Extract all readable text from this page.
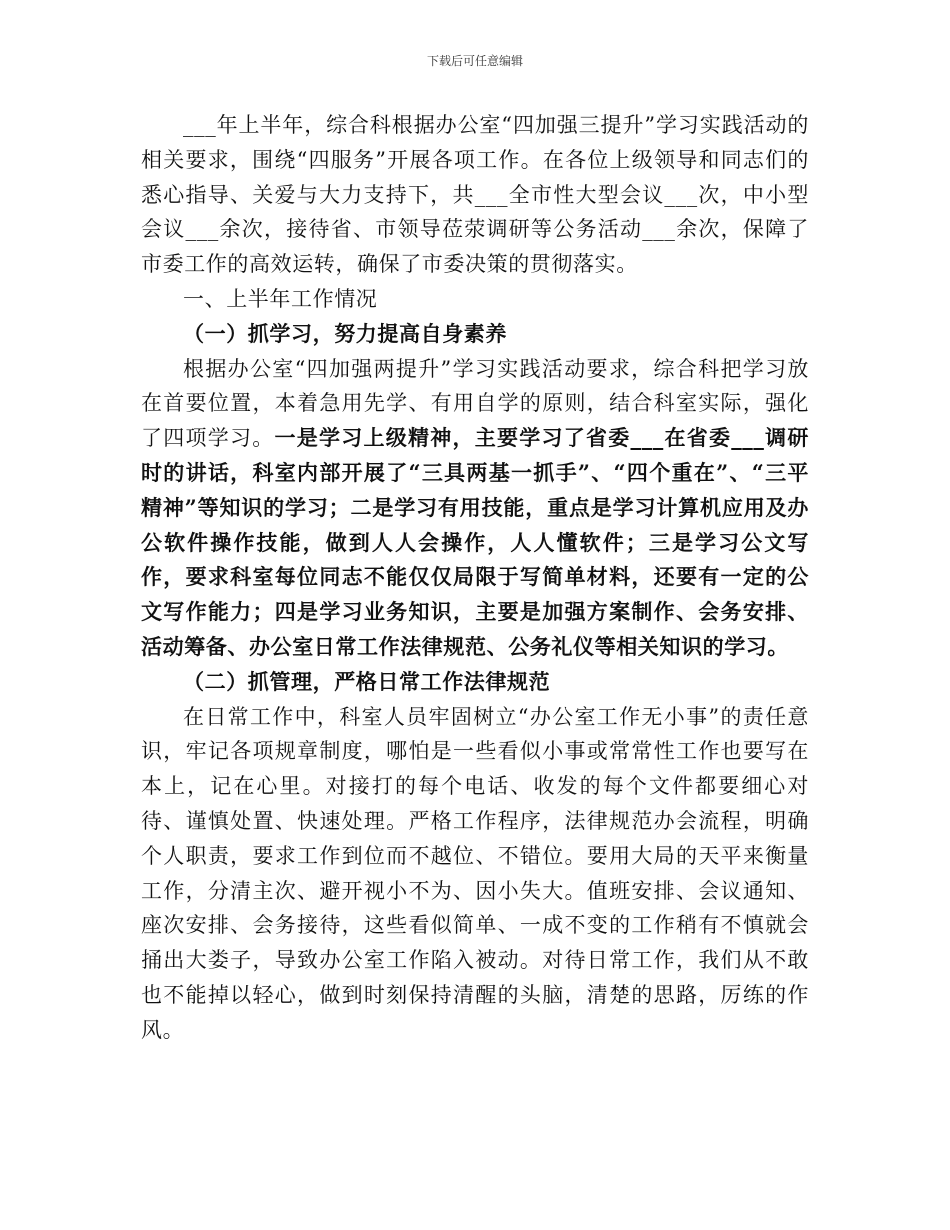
下载后可任意编辑

___年上半年，综合科根据办公室“四加强三提升”学习实践活动的相关要求，围绕“四服务”开展各项工作。在各位上级领导和同志们的悉心指导、关爱与大力支持下，共___全市性大型会议___次，中小型会议___余次，接待省、市领导莅荥调研等公务活动___余次，保障了市委工作的高效运转，确保了市委决策的贯彻落实。

一、上半年工作情况

（一）抓学习，努力提高自身素养

根据办公室“四加强两提升”学习实践活动要求，综合科把学习放在首要位置，本着急用先学、有用自学的原则，结合科室实际，强化了四项学习。一是学习上级精神，主要学习了省委___在省委___调研时的讲话，科室内部开展了“三具两基一抓手”、“四个重在”、“三平精神”等知识的学习；二是学习有用技能，重点是学习计算机应用及办公软件操作技能，做到人人会操作，人人懂软件；三是学习公文写作，要求科室每位同志不能仅仅局限于写简单材料，还要有一定的公文写作能力；四是学习业务知识，主要是加强方案制作、会务安排、活动筹备、办公室日常工作法律规范、公务礼仪等相关知识的学习。

（二）抓管理，严格日常工作法律规范

在日常工作中，科室人员牢固树立“办公室工作无小事”的责任意识，牢记各项规章制度，哪怕是一些看似小事或常常性工作也要写在本上，记在心里。对接打的每个电话、收发的每个文件都要细心对待、谨慎处置、快速处理。严格工作程序，法律规范办会流程，明确个人职责，要求工作到位而不越位、不错位。要用大局的天平来衡量工作，分清主次、避开视小不为、因小失大。值班安排、会议通知、座次安排、会务接待，这些看似简单、一成不变的工作稍有不慎就会捅出大娄子，导致办公室工作陷入被动。对待日常工作，我们从不敢也不能掉以轻心，做到时刻保持清醒的头脑，清楚的思路，厉练的作风。
